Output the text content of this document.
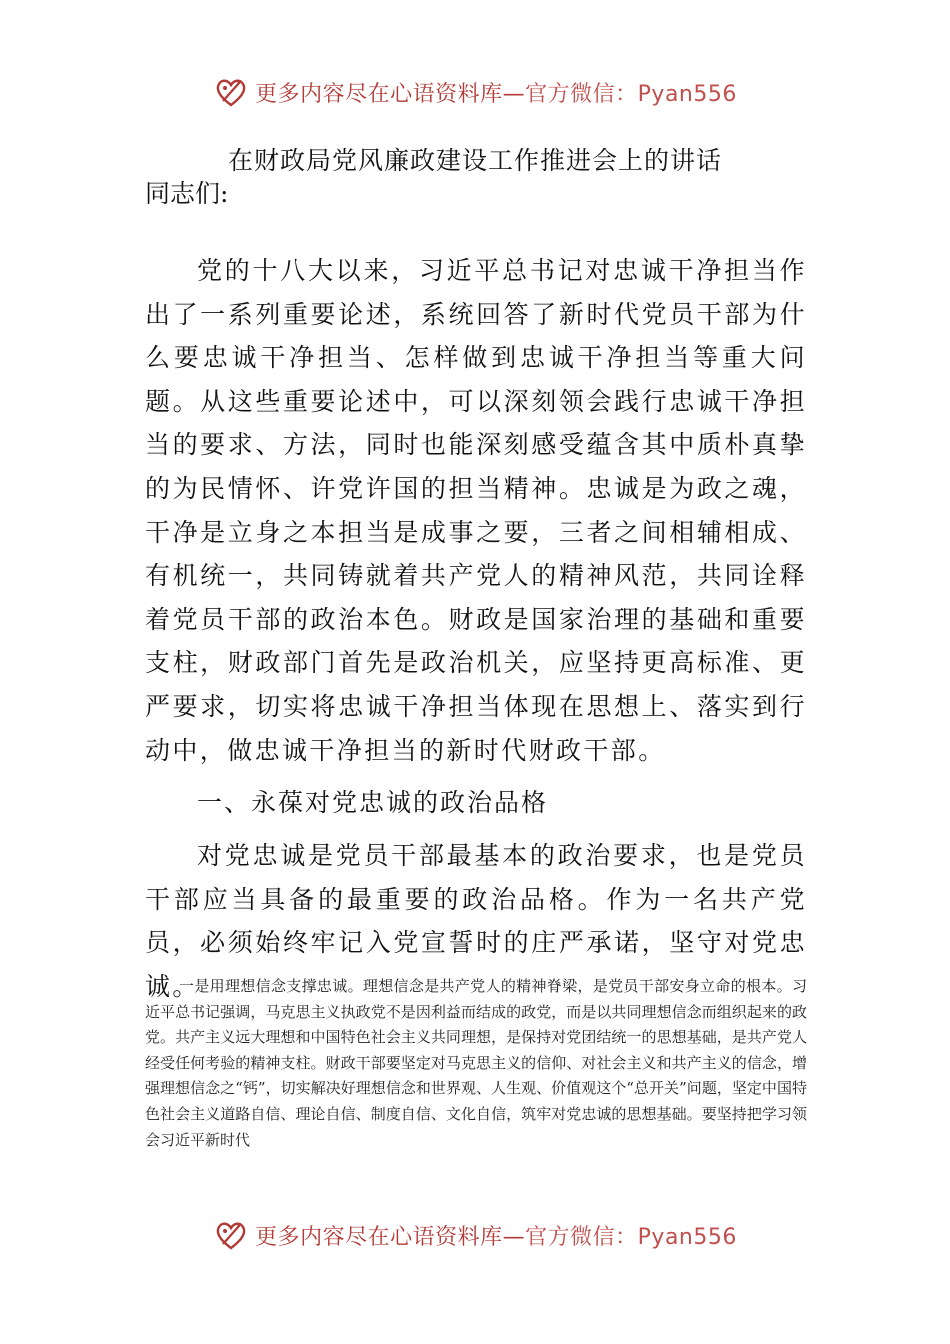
更多内容尽在心语资料库—官方微信：Pyan556
在财政局党风廉政建设工作推进会上的讲话
同志们:

党的十八大以来，习近平总书记对忠诚干净担当作出了一系列重要论述，系统回答了新时代党员干部为什么要忠诚干净担当、怎样做到忠诚干净担当等重大问题。从这些重要论述中，可以深刻领会践行忠诚干净担当的要求、方法，同时也能深刻感受蕴含其中质朴真挚的为民情怀、许党许国的担当精神。忠诚是为政之魂，干净是立身之本担当是成事之要，三者之间相辅相成、有机统一，共同铸就着共产党人的精神风范，共同诠释着党员干部的政治本色。财政是国家治理的基础和重要支柱，财政部门首先是政治机关，应坚持更高标准、更严要求，切实将忠诚干净担当体现在思想上、落实到行动中，做忠诚干净担当的新时代财政干部。

一、永葆对党忠诚的政治品格

对党忠诚是党员干部最基本的政治要求，也是党员干部应当具备的最重要的政治品格。作为一名共产党员，必须始终牢记入党宣誓时的庄严承诺，坚守对党忠诚。

一是用理想信念支撑忠诚。理想信念是共产党人的精神脊梁，是党员干部安身立命的根本。习近平总书记强调，马克思主义执政党不是因利益而结成的政党，而是以共同理想信念而组织起来的政党。共产主义远大理想和中国特色社会主义共同理想，是保持对党团结统一的思想基础，是共产党人经受任何考验的精神支柱。财政干部要坚定对马克思主义的信仰、对社会主义和共产主义的信念，增强理想信念之“钙”，切实解决好理想信念和世界观、人生观、价值观这个“总开关”问题，坚定中国特色社会主义道路自信、理论自信、制度自信、文化自信，筑牢对党忠诚的思想基础。要坚持把学习领会习近平新时代

更多内容尽在心语资料库—官方微信：Pyan556
